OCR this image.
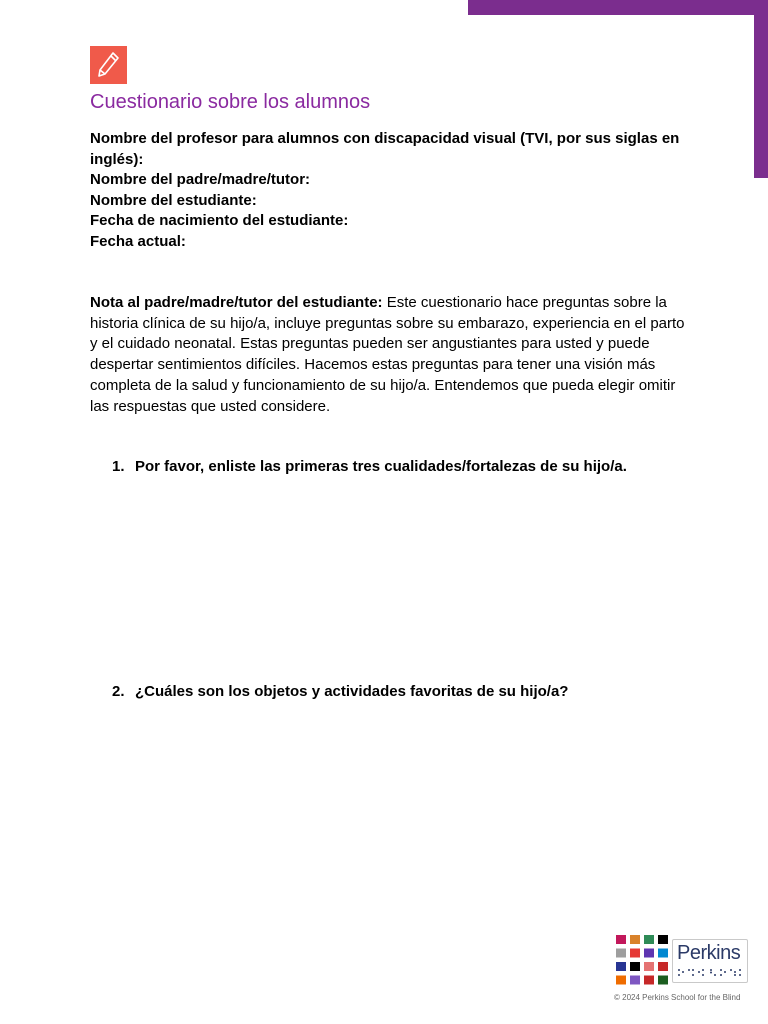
Cuestionario sobre los alumnos
Nombre del profesor para alumnos con discapacidad visual (TVI, por sus siglas en inglés):
Nombre del padre/madre/tutor:
Nombre del estudiante:
Fecha de nacimiento del estudiante:
Fecha actual:

Nota al padre/madre/tutor del estudiante: Este cuestionario hace preguntas sobre la historia clínica de su hijo/a, incluye preguntas sobre su embarazo, experiencia en el parto y el cuidado neonatal. Estas preguntas pueden ser angustiantes para usted y puede despertar sentimientos difíciles. Hacemos estas preguntas para tener una visión más completa de la salud y funcionamiento de su hijo/a. Entendemos que pueda elegir omitir las respuestas que usted considere.

1. Por favor, enliste las primeras tres cualidades/fortalezas de su hijo/a.
2. ¿Cuáles son los objetos y actividades favoritas de su hijo/a?
Perkins
© 2024 Perkins School for the Blind
